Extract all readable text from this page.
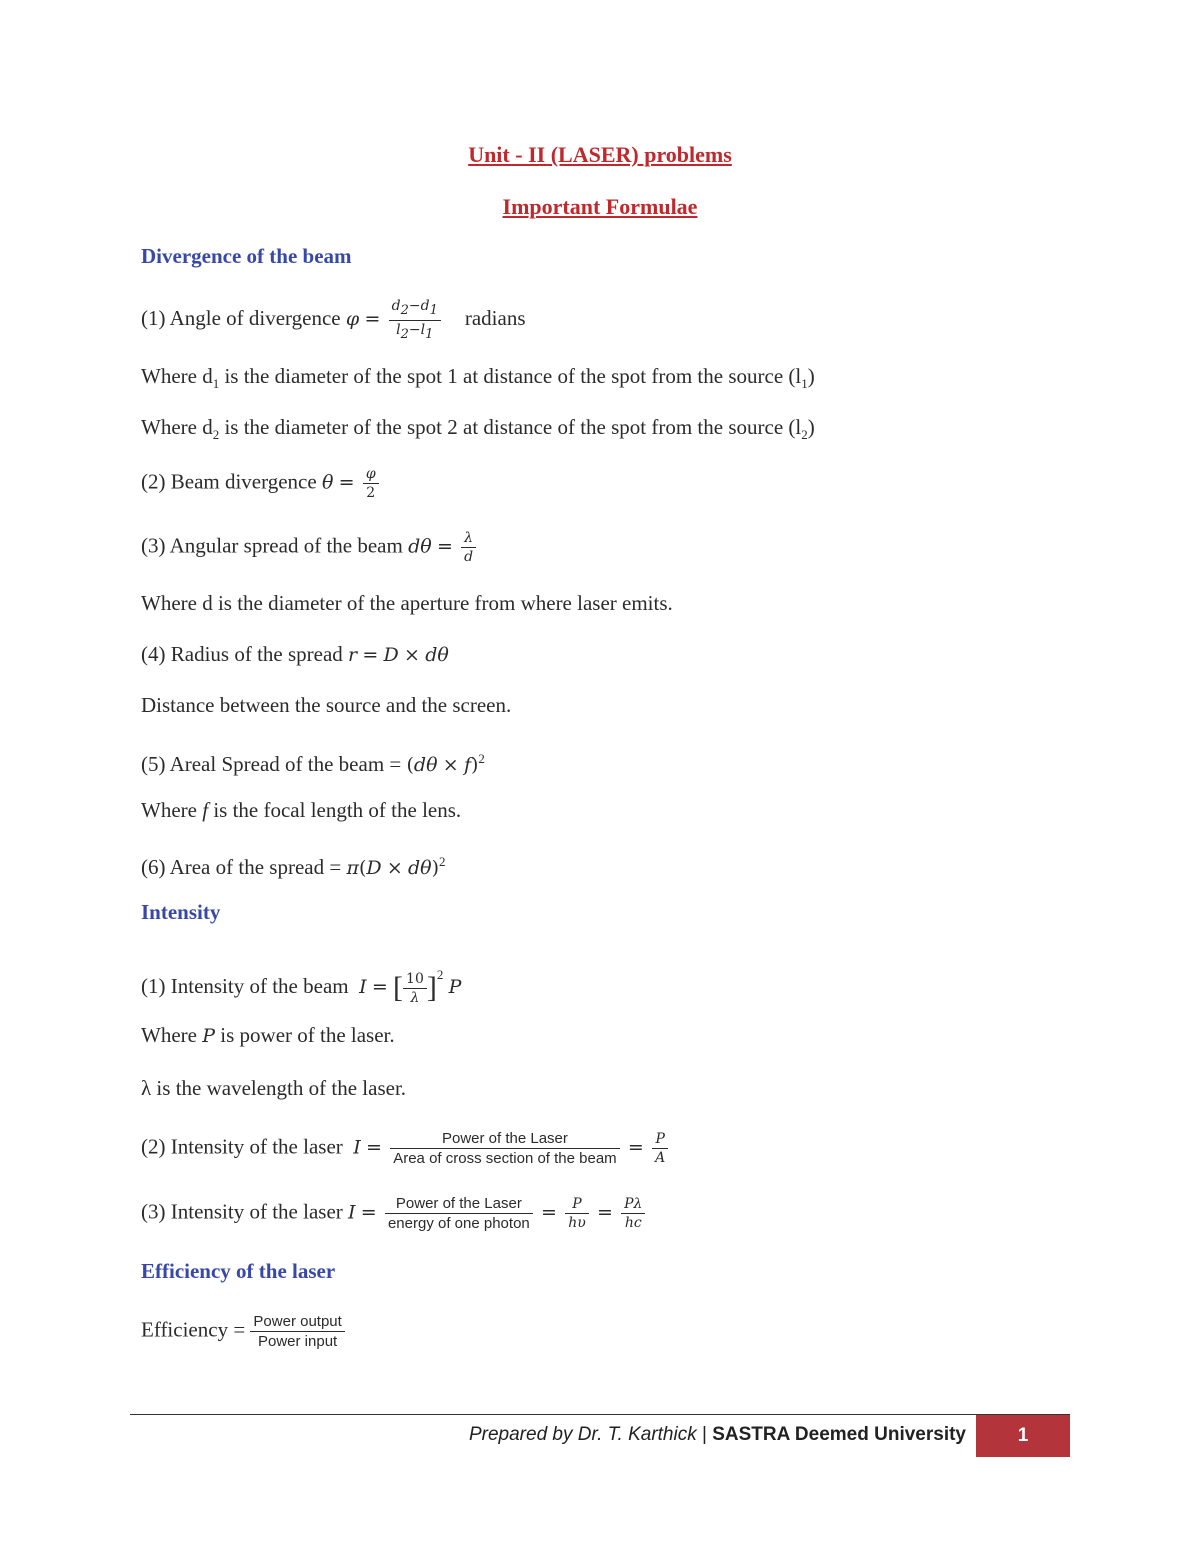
Unit - II (LASER) problems
Important Formulae
Divergence of the beam
(1) Angle of divergence $\varphi = \frac{d_2-d_1}{l_2-l_1}$ radians
Where $d_1$ is the diameter of the spot 1 at distance of the spot from the source $(l_1)$
Where $d_2$ is the diameter of the spot 2 at distance of the spot from the source $(l_2)$
(2) Beam divergence $\theta = \frac{\varphi}{2}$
(3) Angular spread of the beam $d\theta = \frac{\lambda}{d}$
Where d is the diameter of the aperture from where laser emits.
(4) Radius of the spread r = D × dθ
Distance between the source and the screen.
(5) Areal Spread of the beam = $(d\theta \times f)^2$
Where f is the focal length of the lens.
(6) Area of the spread = $\pi(D \times d\theta)^2$
Intensity
(1) Intensity of the beam I = [ $\frac{10}{\lambda} ]^2$ P
Where P is power of the laser.
λ is the wavelength of the laser.
(2) Intensity of the laser $I = \frac{\text{Power of the Laser}}{\text{Area of cross section of the beam}} = \frac{P}{A}$
(3) Intensity of the laser $I = \frac{\text{Power of the Laser}}{\text{energy of one photon}} = \frac{P}{h\upsilon} = \frac{P\lambda}{hc}$
Efficiency of the laser
Efficiency = $\frac{\text{Power output}}{\text{Power input}}$
Prepared by Dr. T. Karthick | SASTRA Deemed University	1
